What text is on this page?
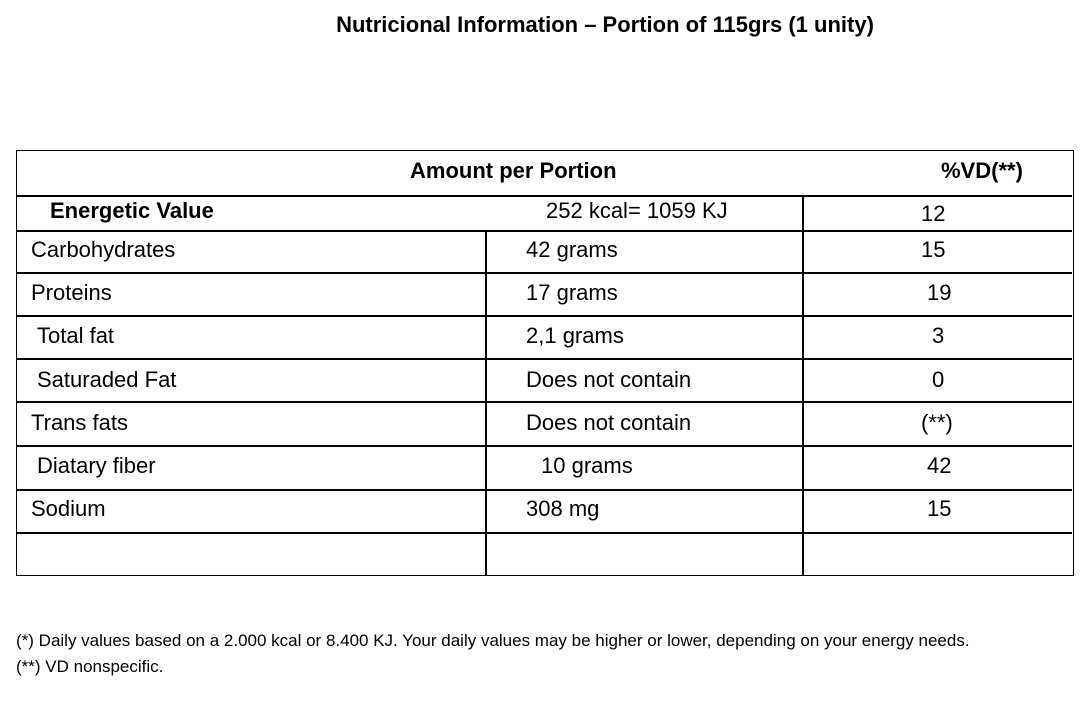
Nutricional Information – Portion of 115grs (1 unity)
Amount per Portion	%VD(**)
Energetic Value	252 kcal= 1059 KJ	12
Carbohydrates	42 grams	15
Proteins	17 grams	19
Total fat	2,1 grams	3
Saturaded Fat	Does not contain	0
Trans fats	Does not contain	(**)
Diatary fiber	10 grams	42
Sodium	308 mg	15

(*) Daily values based on a 2.000 kcal or 8.400 KJ. Your daily values may be higher or lower, depending on your energy needs.

(**) VD nonspecific.
